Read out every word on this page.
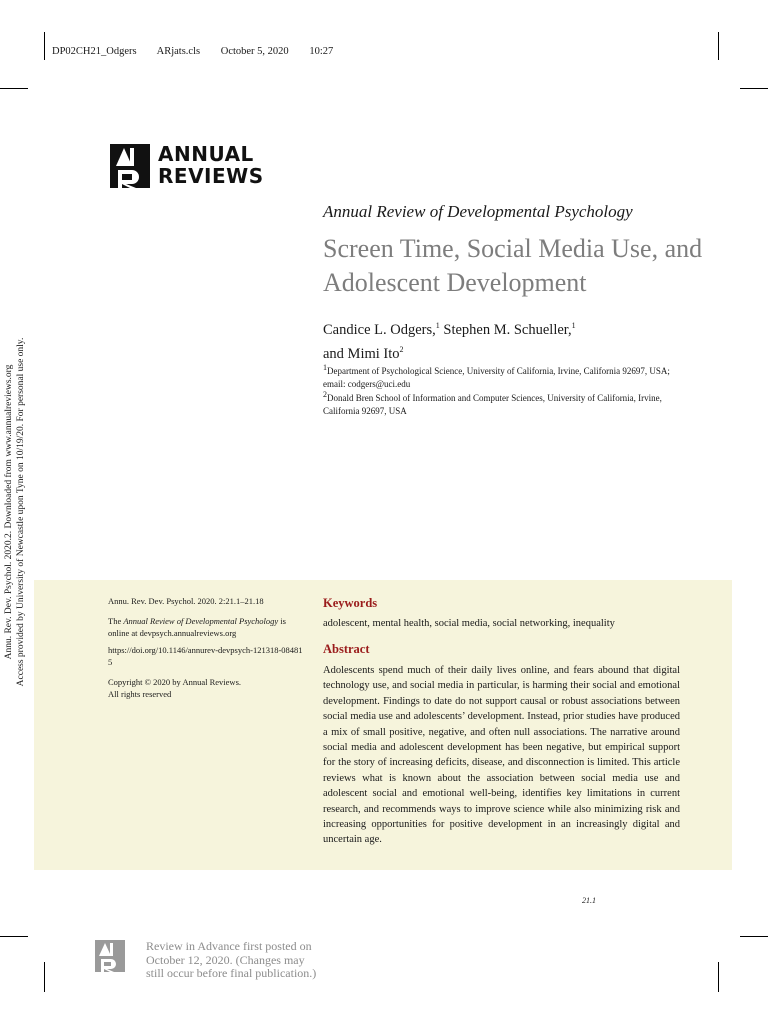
DP02CH21_Odgers ARjats.cls October 5, 2020 10:27
ANNUAL
REVIEWS
Annual Review of Developmental Psychology
Screen Time, Social Media Use, and Adolescent Development
Candice L. Odgers,$^1$ Stephen M. Schueller,$^1$
and Mimi Ito$^2$
$^1$Department of Psychological Science, University of California, Irvine, California 92697, USA; email: codgers@uci.edu
$^2$Donald Bren School of Information and Computer Sciences, University of California, Irvine, California 92697, USA
Annu. Rev. Dev. Psychol. 2020.2. Downloaded from www.annualreviews.org Access provided by University of Newcastle upon Tyne on 10/19/20. For personal use only.	Annu. Rev. Dev. Psychol. 2020. 2:21.1–21.18
The Annual Review of Developmental Psychology is online at devpsych.annualreviews.org
https://doi.org/10.1146/annurev-devpsych-121318-084815
Copyright © 2020 by Annual Reviews.
All rights reserved
Keywords
adolescent, mental health, social media, social networking, inequality
Abstract
Adolescents spend much of their daily lives online, and fears abound that digital technology use, and social media in particular, is harming their social and emotional development. Findings to date do not support causal or robust associations between social media use and adolescents’ development. Instead, prior studies have produced a mix of small positive, negative, and often null associations. The narrative around social media and adolescent development has been negative, but empirical support for the story of increasing deficits, disease, and disconnection is limited. This article reviews what is known about the association between social media use and adolescent social and emotional well-being, identifies key limitations in current research, and recommends ways to improve science while also minimizing risk and increasing opportunities for positive development in an increasingly digital and uncertain age.
21.1
Review in Advance first posted on
October 12, 2020. (Changes may
still occur before final publication.)
